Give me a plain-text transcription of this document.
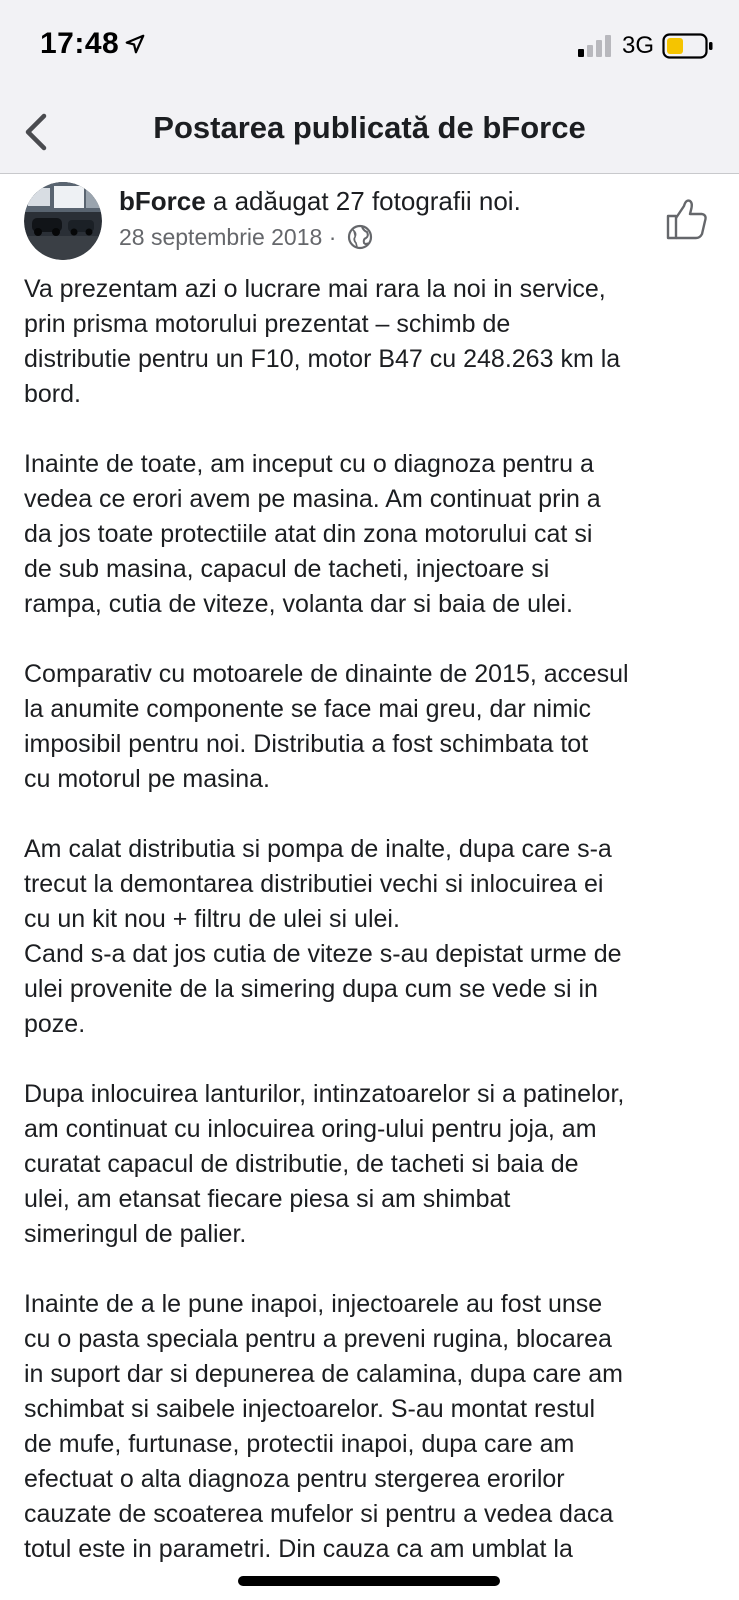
17:48	3G
Postarea publicată de bForce
bForce a adăugat 27 fotografii noi.
28 septembrie 2018 ·

Va prezentam azi o lucrare mai rara la noi in service,
prin prisma motorului prezentat – schimb de
distributie pentru un F10, motor B47 cu 248.263 km la
bord.

Inainte de toate, am inceput cu o diagnoza pentru a
vedea ce erori avem pe masina. Am continuat prin a
da jos toate protectiile atat din zona motorului cat si
de sub masina, capacul de tacheti, injectoare si
rampa, cutia de viteze, volanta dar si baia de ulei.

Comparativ cu motoarele de dinainte de 2015, accesul
la anumite componente se face mai greu, dar nimic
imposibil pentru noi. Distributia a fost schimbata tot
cu motorul pe masina.

Am calat distributia si pompa de inalte, dupa care s-a
trecut la demontarea distributiei vechi si inlocuirea ei
cu un kit nou + filtru de ulei si ulei.
Cand s-a dat jos cutia de viteze s-au depistat urme de
ulei provenite de la simering dupa cum se vede si in
poze.

Dupa inlocuirea lanturilor, intinzatoarelor si a patinelor,
am continuat cu inlocuirea oring-ului pentru joja, am
curatat capacul de distributie, de tacheti si baia de
ulei, am etansat fiecare piesa si am shimbat
simeringul de palier.

Inainte de a le pune inapoi, injectoarele au fost unse
cu o pasta speciala pentru a preveni rugina, blocarea
in suport dar si depunerea de calamina, dupa care am
schimbat si saibele injectoarelor. S-au montat restul
de mufe, furtunase, protectii inapoi, dupa care am
efectuat o alta diagnoza pentru stergerea erorilor
cauzate de scoaterea mufelor si pentru a vedea daca
totul este in parametri. Din cauza ca am umblat la
